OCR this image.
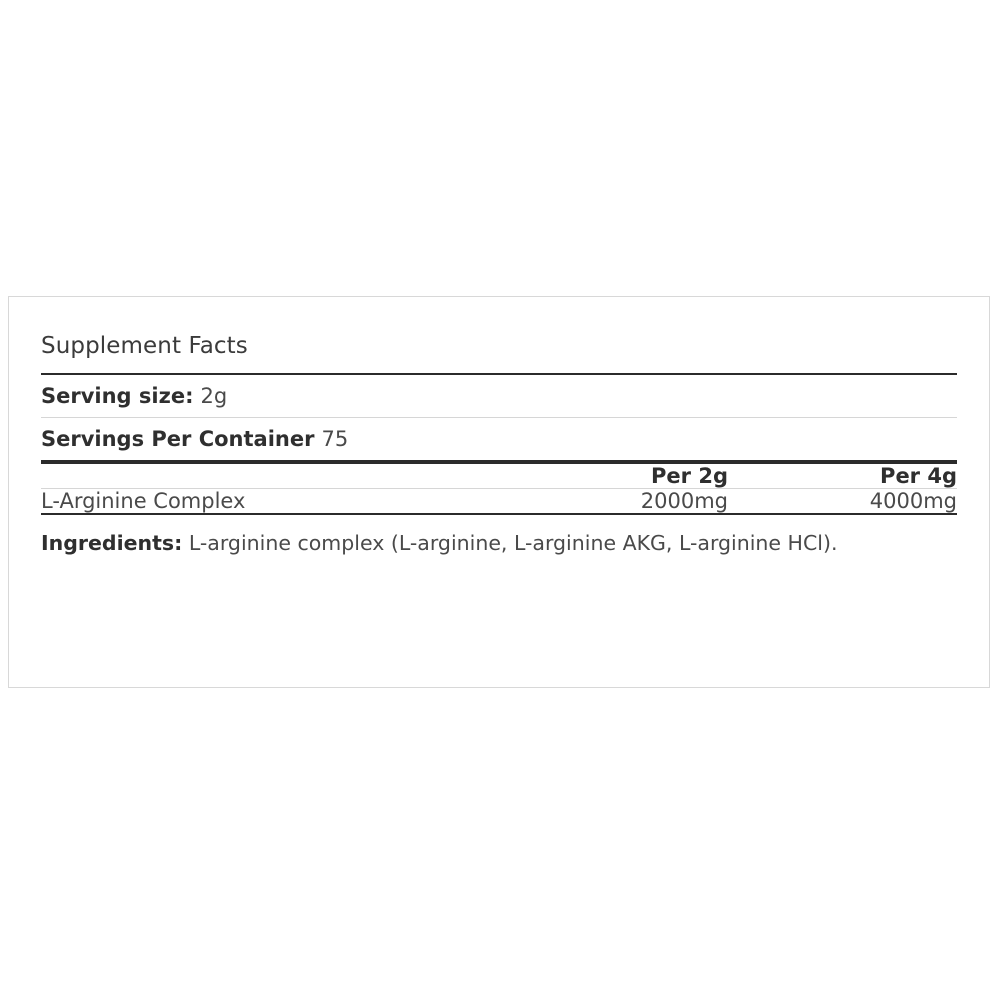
Supplement Facts
Serving size: 2g
Servings Per Container 75
	Per 2g	Per 4g
L-Arginine Complex	2000mg	4000mg
Ingredients: L-arginine complex (L-arginine, L-arginine AKG, L-arginine HCl).
